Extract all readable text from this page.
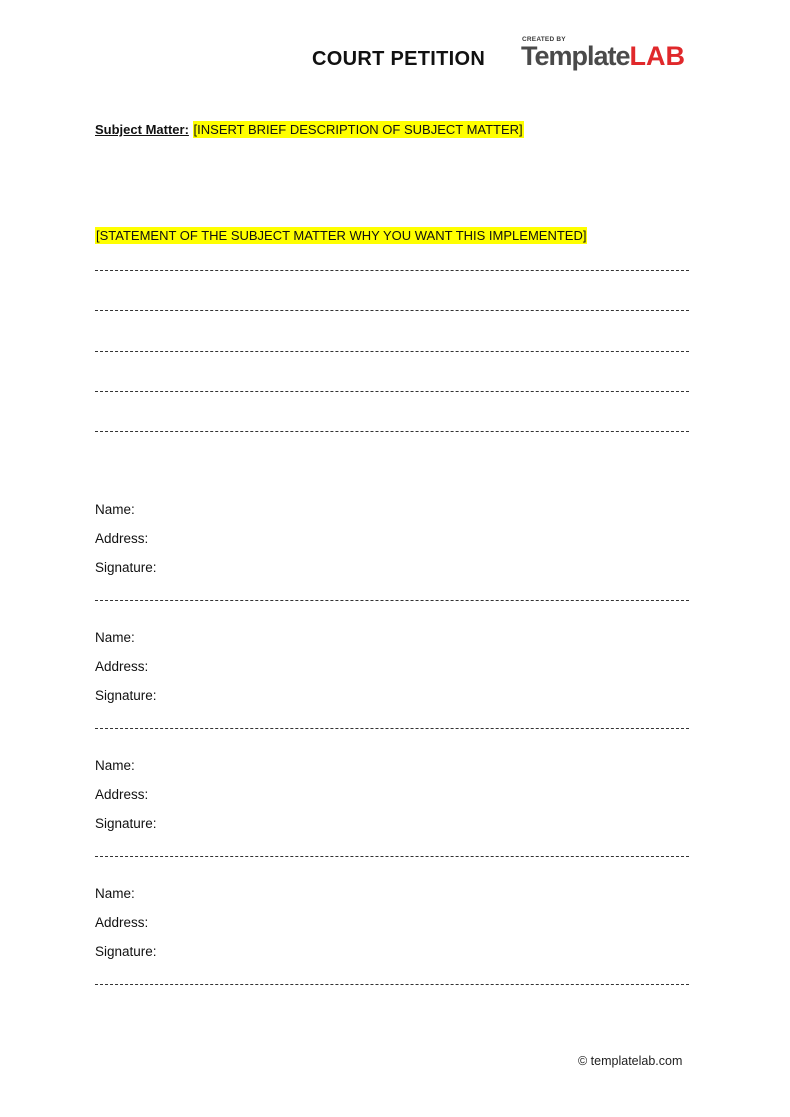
COURT PETITION
CREATED BY
TemplateLAB
Subject Matter: [INSERT BRIEF DESCRIPTION OF SUBJECT MATTER]
[STATEMENT OF THE SUBJECT MATTER WHY YOU WANT THIS IMPLEMENTED]
Name:
Address:
Signature:
Name:
Address:
Signature:
Name:
Address:
Signature:
Name:
Address:
Signature:
© templatelab.com
